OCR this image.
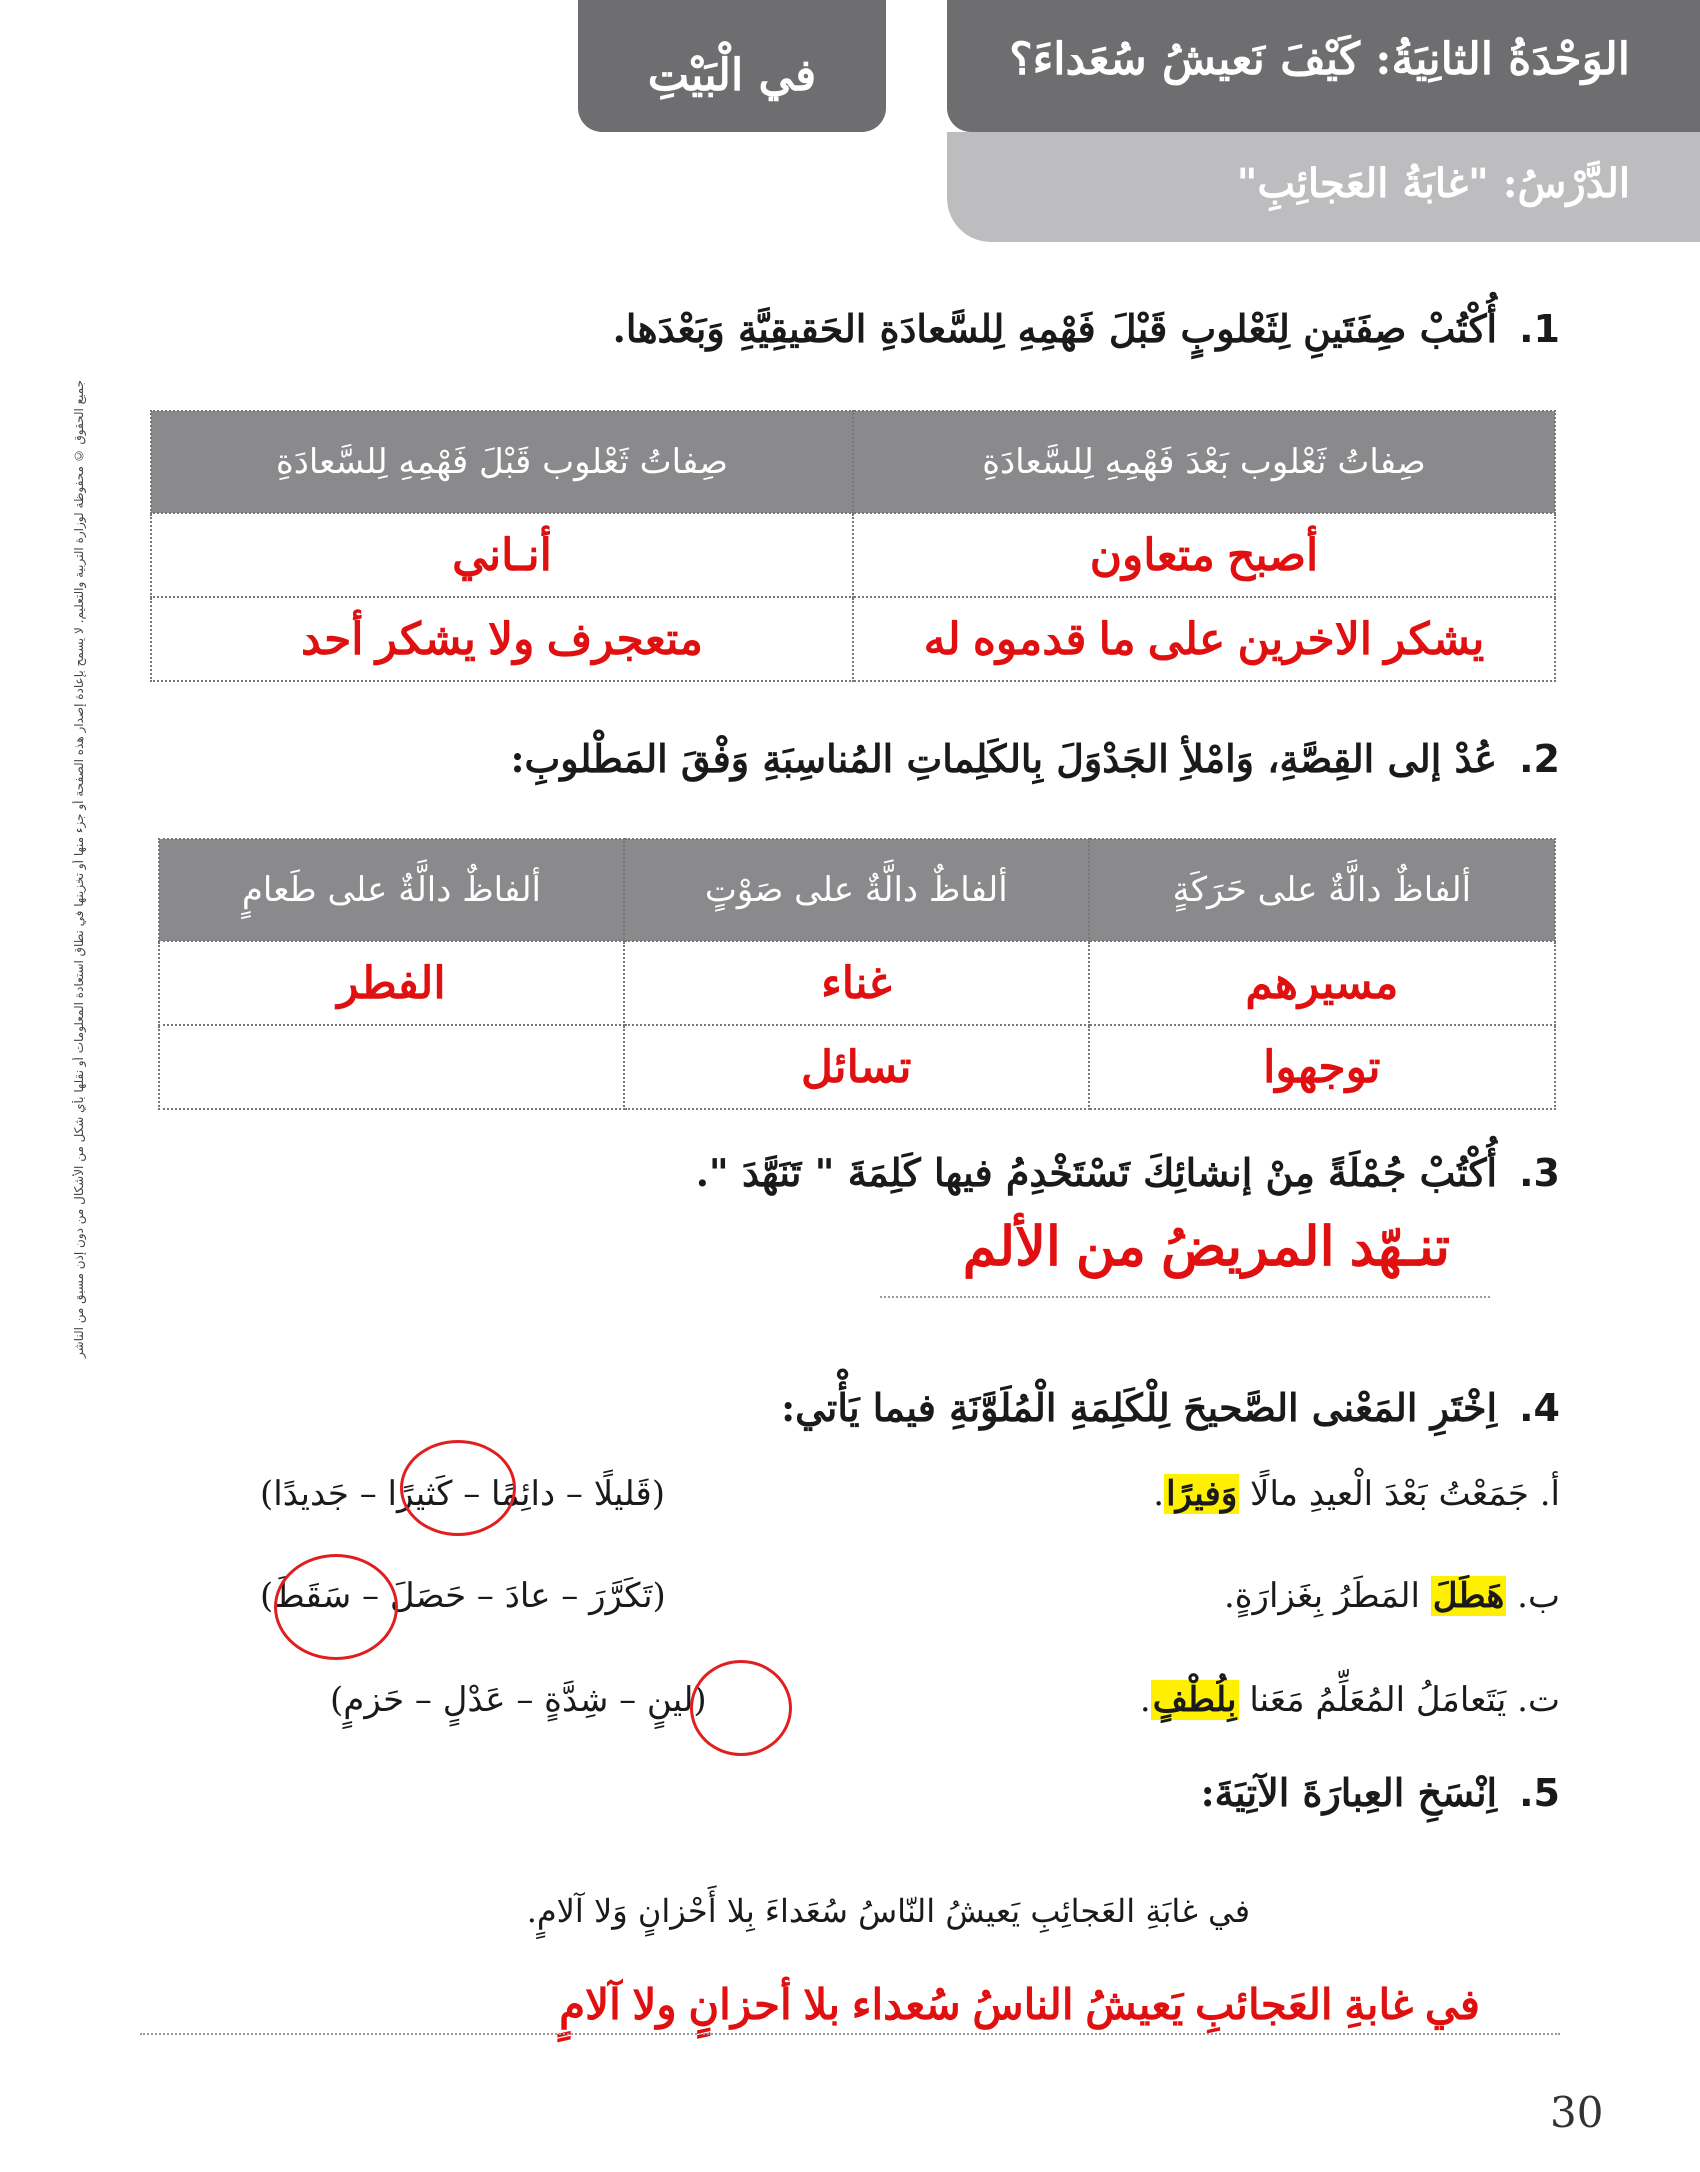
الوَحْدَةُ الثانِيَةُ: كَيْفَ نَعيشُ سُعَداءَ؟
الدَّرْسُ: "غابَةُ العَجائِبِ"
في الْبَيْتِ
جميع الحقوق © محفوظة لوزارة التربية والتعليم. لا يسمح بإعادة إصدار هذه الصفحة أو جزء منها أو تخزينها في نطاق استعادة المعلومات أو نقلها بأي شكل من الأشكال من دون إذن مسبق من الناشر
1.أُكْتُبْ صِفَتَينِ لِثَعْلوبٍ قَبْلَ فَهْمِهِ لِلسَّعادَةِ الحَقيقِيَّةِ وَبَعْدَها.
صِفاتُ ثَعْلوب قَبْلَ فَهْمِهِ لِلسَّعادَةِ	صِفاتُ ثَعْلوب بَعْدَ فَهْمِهِ لِلسَّعادَةِ
أنـاني	أصبح متعاون
متعجرف ولا يشكر أحد	يشكر الاخرين على ما قدموه له
2.عُدْ إلى القِصَّةِ، وَامْلأِ الجَدْوَلَ بِالكَلِماتِ المُناسِبَةِ وَفْقَ المَطْلوبِ:
ألفاظٌ دالَّةٌ على طَعامٍ	ألفاظٌ دالَّةٌ على صَوْتٍ	ألفاظٌ دالَّةٌ على حَرَكَةٍ
الفطر	غناء	مسيرهم
	تسائل	توجهوا
3.أُكْتُبْ جُمْلَةً مِنْ إنشائِكَ تَسْتَخْدِمُ فيها كَلِمَةَ " تَنَهَّدَ ".
تنـهّد المريضُ من الألم
4.اِخْتَرِ المَعْنى الصَّحيحَ لِلْكَلِمَةِ الْمُلَوَّنَةِ فيما يَأْتي:
أ. جَمَعْتُ بَعْدَ الْعيدِ مالًا وَفيرًا.
(قَليلًا – دائِمًا – كَثيرًا – جَديدًا)
ب. هَطَلَ المَطَرُ بِغَزارَةٍ.
(تَكَرَّرَ – عادَ – حَصَلَ – سَقَطَ)
ت. يَتَعامَلُ المُعَلِّمُ مَعَنا بِلُطْفٍ.
(لينٍ – شِدَّةٍ – عَدْلٍ – حَزمٍ)
5.اِنْسَخِ العِبارَةَ الآتِيَةَ:
في غابَةِ العَجائِبِ يَعيشُ النّاسُ سُعَداءَ بِلا أَحْزانٍ وَلا آلامٍ.
في غابةِ العَجائبِ يَعيشُ الناسُ سُعداء بلا أحزانٍ ولا آلامٍ
30
